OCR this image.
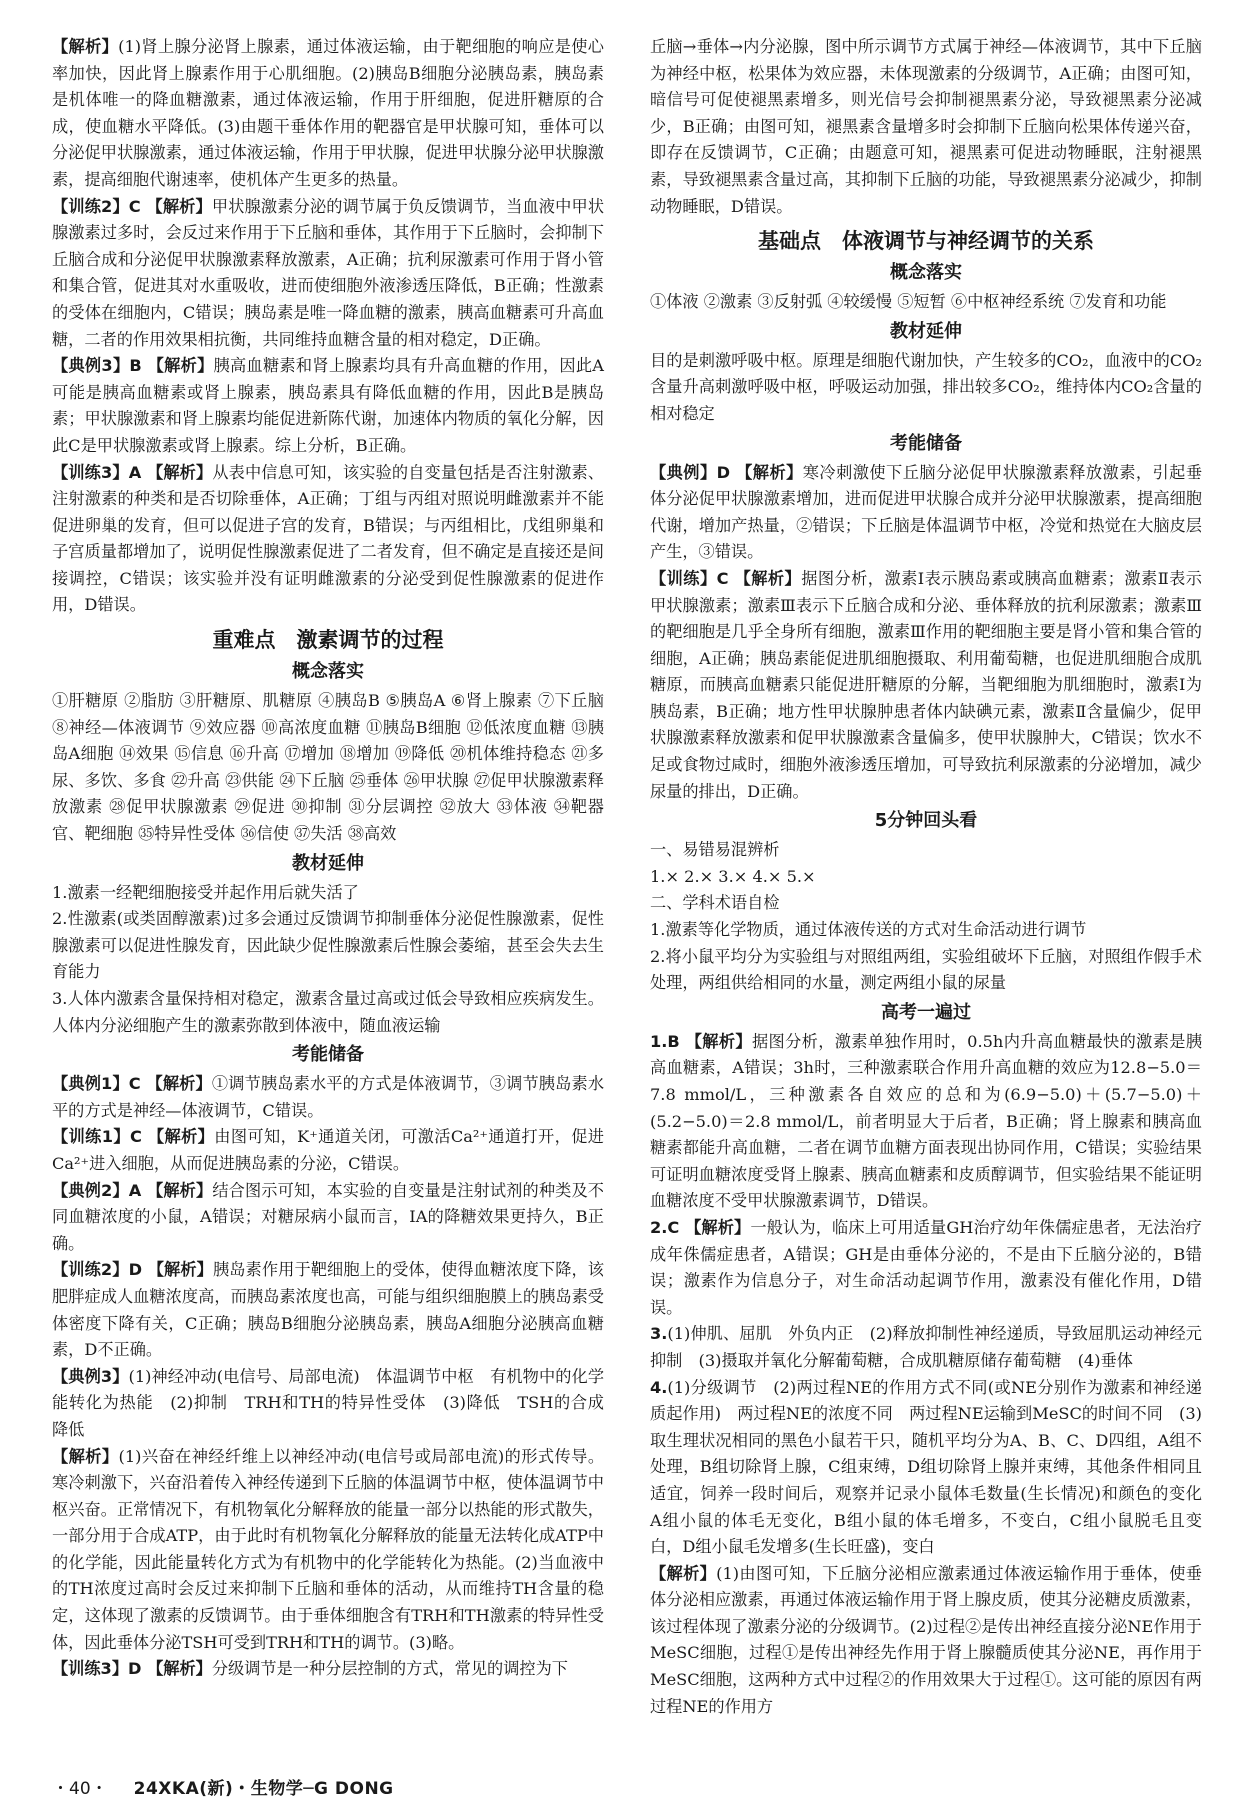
【解析】(1)肾上腺分泌肾上腺素，通过体液运输，由于靶细胞的响应是使心率加快，因此肾上腺素作用于心肌细胞。(2)胰岛B细胞分泌胰岛素，胰岛素是机体唯一的降血糖激素，通过体液运输，作用于肝细胞，促进肝糖原的合成，使血糖水平降低。(3)由题干垂体作用的靶器官是甲状腺可知，垂体可以分泌促甲状腺激素，通过体液运输，作用于甲状腺，促进甲状腺分泌甲状腺激素，提高细胞代谢速率，使机体产生更多的热量。

【训练2】C 【解析】甲状腺激素分泌的调节属于负反馈调节，当血液中甲状腺激素过多时，会反过来作用于下丘脑和垂体，其作用于下丘脑时，会抑制下丘脑合成和分泌促甲状腺激素释放激素，A正确；抗利尿激素可作用于肾小管和集合管，促进其对水重吸收，进而使细胞外液渗透压降低，B正确；性激素的受体在细胞内，C错误；胰岛素是唯一降血糖的激素，胰高血糖素可升高血糖，二者的作用效果相抗衡，共同维持血糖含量的相对稳定，D正确。

【典例3】B 【解析】胰高血糖素和肾上腺素均具有升高血糖的作用，因此A可能是胰高血糖素或肾上腺素，胰岛素具有降低血糖的作用，因此B是胰岛素；甲状腺激素和肾上腺素均能促进新陈代谢，加速体内物质的氧化分解，因此C是甲状腺激素或肾上腺素。综上分析，B正确。

【训练3】A 【解析】从表中信息可知，该实验的自变量包括是否注射激素、注射激素的种类和是否切除垂体，A正确；丁组与丙组对照说明雌激素并不能促进卵巢的发育，但可以促进子宫的发育，B错误；与丙组相比，戊组卵巢和子宫质量都增加了，说明促性腺激素促进了二者发育，但不确定是直接还是间接调控，C错误；该实验并没有证明雌激素的分泌受到促性腺激素的促进作用，D错误。

重难点　激素调节的过程
概念落实

①肝糖原 ②脂肪 ③肝糖原、肌糖原 ④胰岛B ⑤胰岛A ⑥肾上腺素 ⑦下丘脑 ⑧神经—体液调节 ⑨效应器 ⑩高浓度血糖 ⑪胰岛B细胞 ⑫低浓度血糖 ⑬胰岛A细胞 ⑭效果 ⑮信息 ⑯升高 ⑰增加 ⑱增加 ⑲降低 ⑳机体维持稳态 ㉑多尿、多饮、多食 ㉒升高 ㉓供能 ㉔下丘脑 ㉕垂体 ㉖甲状腺 ㉗促甲状腺激素释放激素 ㉘促甲状腺激素 ㉙促进 ㉚抑制 ㉛分层调控 ㉜放大 ㉝体液 ㉞靶器官、靶细胞 ㉟特异性受体 ㊱信使 ㊲失活 ㊳高效

教材延伸

1.激素一经靶细胞接受并起作用后就失活了

2.性激素(或类固醇激素)过多会通过反馈调节抑制垂体分泌促性腺激素，促性腺激素可以促进性腺发育，因此缺少促性腺激素后性腺会萎缩，甚至会失去生育能力

3.人体内激素含量保持相对稳定，激素含量过高或过低会导致相应疾病发生。人体内分泌细胞产生的激素弥散到体液中，随血液运输

考能储备

【典例1】C 【解析】①调节胰岛素水平的方式是体液调节，③调节胰岛素水平的方式是神经—体液调节，C错误。

【训练1】C 【解析】由图可知，K⁺通道关闭，可激活Ca²⁺通道打开，促进Ca²⁺进入细胞，从而促进胰岛素的分泌，C错误。

【典例2】A 【解析】结合图示可知，本实验的自变量是注射试剂的种类及不同血糖浓度的小鼠，A错误；对糖尿病小鼠而言，IA的降糖效果更持久，B正确。

【训练2】D 【解析】胰岛素作用于靶细胞上的受体，使得血糖浓度下降，该肥胖症成人血糖浓度高，而胰岛素浓度也高，可能与组织细胞膜上的胰岛素受体密度下降有关，C正确；胰岛B细胞分泌胰岛素，胰岛A细胞分泌胰高血糖素，D不正确。

【典例3】(1)神经冲动(电信号、局部电流)　体温调节中枢　有机物中的化学能转化为热能　(2)抑制　TRH和TH的特异性受体　(3)降低　TSH的合成　降低

【解析】(1)兴奋在神经纤维上以神经冲动(电信号或局部电流)的形式传导。寒冷刺激下，兴奋沿着传入神经传递到下丘脑的体温调节中枢，使体温调节中枢兴奋。正常情况下，有机物氧化分解释放的能量一部分以热能的形式散失，一部分用于合成ATP，由于此时有机物氧化分解释放的能量无法转化成ATP中的化学能，因此能量转化方式为有机物中的化学能转化为热能。(2)当血液中的TH浓度过高时会反过来抑制下丘脑和垂体的活动，从而维持TH含量的稳定，这体现了激素的反馈调节。由于垂体细胞含有TRH和TH激素的特异性受体，因此垂体分泌TSH可受到TRH和TH的调节。(3)略。

【训练3】D 【解析】分级调节是一种分层控制的方式，常见的调控为下

丘脑→垂体→内分泌腺，图中所示调节方式属于神经—体液调节，其中下丘脑为神经中枢，松果体为效应器，未体现激素的分级调节，A正确；由图可知，暗信号可促使褪黑素增多，则光信号会抑制褪黑素分泌，导致褪黑素分泌减少，B正确；由图可知，褪黑素含量增多时会抑制下丘脑向松果体传递兴奋，即存在反馈调节，C正确；由题意可知，褪黑素可促进动物睡眠，注射褪黑素，导致褪黑素含量过高，其抑制下丘脑的功能，导致褪黑素分泌减少，抑制动物睡眠，D错误。

基础点　体液调节与神经调节的关系
概念落实

①体液 ②激素 ③反射弧 ④较缓慢 ⑤短暂 ⑥中枢神经系统 ⑦发育和功能

教材延伸

目的是刺激呼吸中枢。原理是细胞代谢加快，产生较多的CO₂，血液中的CO₂含量升高刺激呼吸中枢，呼吸运动加强，排出较多CO₂，维持体内CO₂含量的相对稳定

考能储备

【典例】D 【解析】寒冷刺激使下丘脑分泌促甲状腺激素释放激素，引起垂体分泌促甲状腺激素增加，进而促进甲状腺合成并分泌甲状腺激素，提高细胞代谢，增加产热量，②错误；下丘脑是体温调节中枢，冷觉和热觉在大脑皮层产生，③错误。

【训练】C 【解析】据图分析，激素Ⅰ表示胰岛素或胰高血糖素；激素Ⅱ表示甲状腺激素；激素Ⅲ表示下丘脑合成和分泌、垂体释放的抗利尿激素；激素Ⅲ的靶细胞是几乎全身所有细胞，激素Ⅲ作用的靶细胞主要是肾小管和集合管的细胞，A正确；胰岛素能促进肌细胞摄取、利用葡萄糖，也促进肌细胞合成肌糖原，而胰高血糖素只能促进肝糖原的分解，当靶细胞为肌细胞时，激素Ⅰ为胰岛素，B正确；地方性甲状腺肿患者体内缺碘元素，激素Ⅱ含量偏少，促甲状腺激素释放激素和促甲状腺激素含量偏多，使甲状腺肿大，C错误；饮水不足或食物过咸时，细胞外液渗透压增加，可导致抗利尿激素的分泌增加，减少尿量的排出，D正确。

5分钟回头看

一、易错易混辨析

1.× 2.× 3.× 4.× 5.×

二、学科术语自检

1.激素等化学物质，通过体液传送的方式对生命活动进行调节

2.将小鼠平均分为实验组与对照组两组，实验组破坏下丘脑，对照组作假手术处理，两组供给相同的水量，测定两组小鼠的尿量

高考一遍过

1.B 【解析】据图分析，激素单独作用时，0.5h内升高血糖最快的激素是胰高血糖素，A错误；3h时，三种激素联合作用升高血糖的效应为12.8−5.0＝7.8 mmol/L，三种激素各自效应的总和为(6.9−5.0)＋(5.7−5.0)＋(5.2−5.0)＝2.8 mmol/L，前者明显大于后者，B正确；肾上腺素和胰高血糖素都能升高血糖，二者在调节血糖方面表现出协同作用，C错误；实验结果可证明血糖浓度受肾上腺素、胰高血糖素和皮质醇调节，但实验结果不能证明血糖浓度不受甲状腺激素调节，D错误。

2.C 【解析】一般认为，临床上可用适量GH治疗幼年侏儒症患者，无法治疗成年侏儒症患者，A错误；GH是由垂体分泌的，不是由下丘脑分泌的，B错误；激素作为信息分子，对生命活动起调节作用，激素没有催化作用，D错误。

3.(1)伸肌、屈肌　外负内正　(2)释放抑制性神经递质，导致屈肌运动神经元抑制　(3)摄取并氧化分解葡萄糖，合成肌糖原储存葡萄糖　(4)垂体

4.(1)分级调节　(2)两过程NE的作用方式不同(或NE分别作为激素和神经递质起作用)　两过程NE的浓度不同　两过程NE运输到MeSC的时间不同　(3)取生理状况相同的黑色小鼠若干只，随机平均分为A、B、C、D四组，A组不处理，B组切除肾上腺，C组束缚，D组切除肾上腺并束缚，其他条件相同且适宜，饲养一段时间后，观察并记录小鼠体毛数量(生长情况)和颜色的变化　A组小鼠的体毛无变化，B组小鼠的体毛增多，不变白，C组小鼠脱毛且变白，D组小鼠毛发增多(生长旺盛)，变白

【解析】(1)由图可知，下丘脑分泌相应激素通过体液运输作用于垂体，使垂体分泌相应激素，再通过体液运输作用于肾上腺皮质，使其分泌糖皮质激素，该过程体现了激素分泌的分级调节。(2)过程②是传出神经直接分泌NE作用于MeSC细胞，过程①是传出神经先作用于肾上腺髓质使其分泌NE，再作用于MeSC细胞，这两种方式中过程②的作用效果大于过程①。这可能的原因有两过程NE的作用方

・40・ 24XKA(新)・生物学─G DONG
